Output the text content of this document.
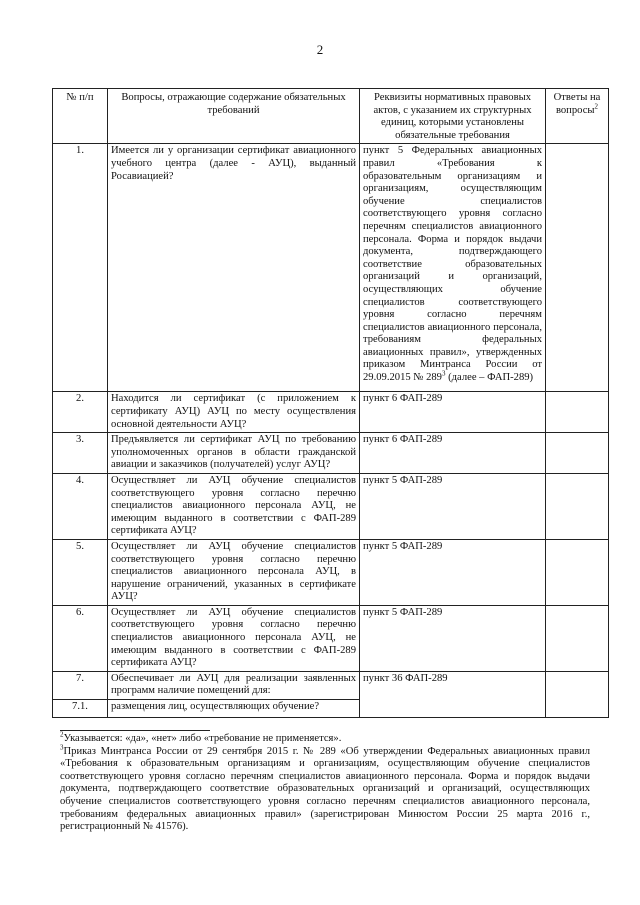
2
№ п/п	Вопросы, отражающие содержание обязательных требований	Реквизиты нормативных правовых актов, с указанием их структурных единиц, которыми установлены обязательные требования	Ответы на вопросы$^2$
1.	Имеется ли у организации сертификат авиационного учебного центра (далее - АУЦ), выданный Росавиацией?	пункт 5 Федеральных авиационных правил «Требования к образовательным организациям и организациям, осуществляющим обучение специалистов соответствующего уровня согласно перечням специалистов авиационного персонала. Форма и порядок выдачи документа, подтверждающего соответствие образовательных организаций и организаций, осуществляющих обучение специалистов соответствующего уровня согласно перечням специалистов авиационного персонала, требованиям федеральных авиационных правил», утвержденных приказом Минтранса России от 29.09.2015 № $289^3$ (далее – ФАП-289)	
2.	Находится ли сертификат (с приложением к сертификату АУЦ) АУЦ по месту осуществления основной деятельности АУЦ?	пункт 6 ФАП-289	
3.	Предъявляется ли сертификат АУЦ по требованию уполномоченных органов в области гражданской авиации и заказчиков (получателей) услуг АУЦ?	пункт 6 ФАП-289	
4.	Осуществляет ли АУЦ обучение специалистов соответствующего уровня согласно перечню специалистов авиационного персонала АУЦ, не имеющим выданного в соответствии с ФАП-289 сертификата АУЦ?	пункт 5 ФАП-289	
5.	Осуществляет ли АУЦ обучение специалистов соответствующего уровня согласно перечню специалистов авиационного персонала АУЦ, в нарушение ограничений, указанных в сертификате АУЦ?	пункт 5 ФАП-289	
6.	Осуществляет ли АУЦ обучение специалистов соответствующего уровня согласно перечню специалистов авиационного персонала АУЦ, не имеющим выданного в соответствии с ФАП-289 сертификата АУЦ?	пункт 5 ФАП-289	
7.	Обеспечивает ли АУЦ для реализации заявленных программ наличие помещений для:	пункт 36 ФАП-289	
7.1.	размещения лиц, осуществляющих обучение?		

$^2$Указывается: «да», «нет» либо «требование не применяется».

$^3$Приказ Минтранса России от 29 сентября 2015 г. № 289 «Об утверждении Федеральных авиационных правил «Требования к образовательным организациям и организациям, осуществляющим обучение специалистов соответствующего уровня согласно перечням специалистов авиационного персонала. Форма и порядок выдачи документа, подтверждающего соответствие образовательных организаций и организаций, осуществляющих обучение специалистов соответствующего уровня согласно перечням специалистов авиационного персонала, требованиям федеральных авиационных правил» (зарегистрирован Минюстом России 25 марта 2016 г., регистрационный № 41576).
